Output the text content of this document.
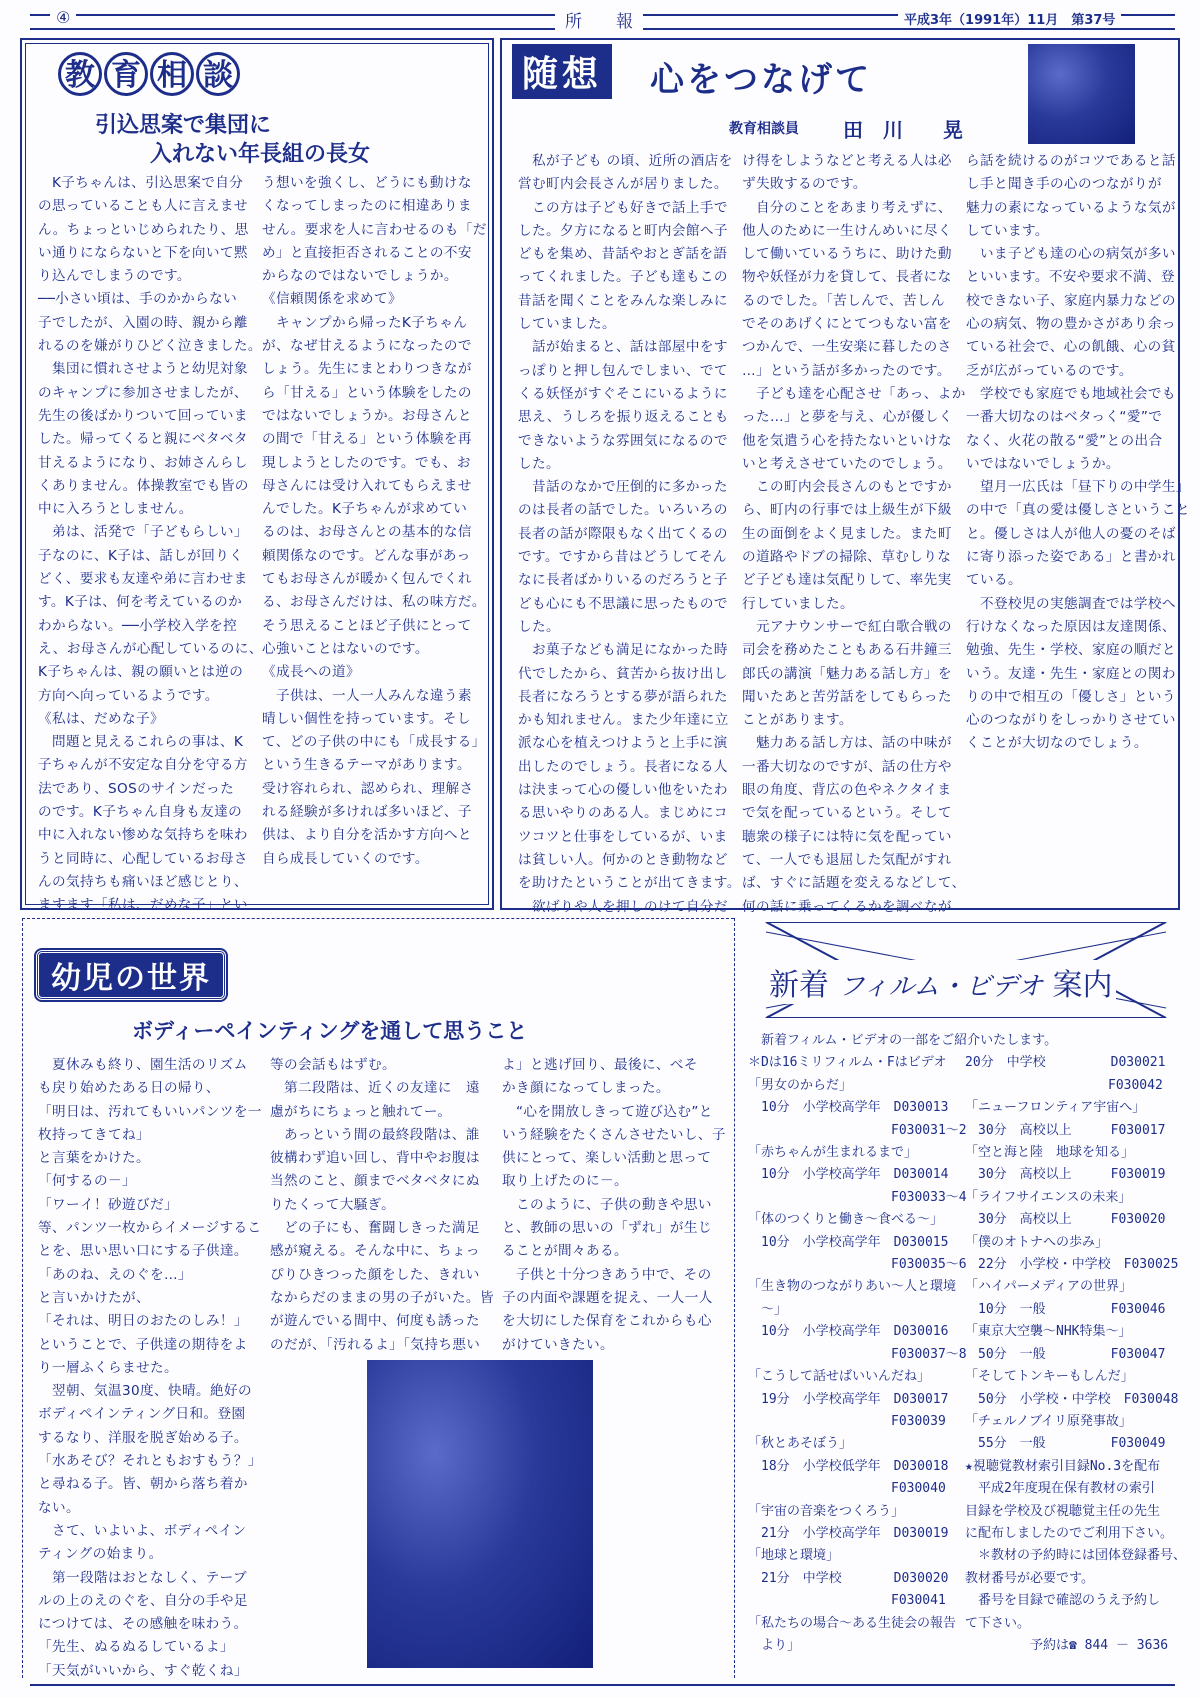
④	所　　報	平成3年（1991年）11月　第37号
教 育 相 談
引込思案で集団に
入れない年長組の長女
　K子ちゃんは、引込思案で自分
の思っていることも人に言えませ
ん。ちょっといじめられたり、思
い通りにならないと下を向いて黙
り込んでしまうのです。
──小さい頃は、手のかからない
子でしたが、入園の時、親から離
れるのを嫌がりひどく泣きました。
　集団に慣れさせようと幼児対象
のキャンプに参加させましたが、
先生の後ばかりついて回っていま
した。帰ってくると親にベタベタ
甘えるようになり、お姉さんらし
くありません。体操教室でも皆の
中に入ろうとしません。
　弟は、活発で「子どもらしい」
子なのに、K子は、話しが回りく
どく、要求も友達や弟に言わせま
す。K子は、何を考えているのか
わからない。──小学校入学を控
え、お母さんが心配しているのに、
K子ちゃんは、親の願いとは逆の
方向へ向っているようです。
《私は、だめな子》
　問題と見えるこれらの事は、K
子ちゃんが不安定な自分を守る方
法であり、SOSのサインだった
のです。K子ちゃん自身も友達の
中に入れない惨めな気持ちを味わ
うと同時に、心配しているお母さ
んの気持ちも痛いほど感じとり、
ますます「私は、だめな子」とい
う想いを強くし、どうにも動けな
くなってしまったのに相違ありま
せん。要求を人に言わせるのも「だ
め」と直接拒否されることの不安
からなのではないでしょうか。
《信頼関係を求めて》
　キャンプから帰ったK子ちゃん
が、なぜ甘えるようになったので
しょう。先生にまとわりつきなが
ら「甘える」という体験をしたの
ではないでしょうか。お母さんと
の間で「甘える」という体験を再
現しようとしたのです。でも、お
母さんには受け入れてもらえませ
んでした。K子ちゃんが求めてい
るのは、お母さんとの基本的な信
頼関係なのです。どんな事があっ
てもお母さんが暖かく包んでくれ
る、お母さんだけは、私の味方だ。
そう思えることほど子供にとって
心強いことはないのです。
《成長への道》
　子供は、一人一人みんな違う素
晴しい個性を持っています。そし
て、どの子供の中にも「成長する」
という生きるテーマがあります。
受け容れられ、認められ、理解さ
れる経験が多ければ多いほど、子
供は、より自分を活かす方向へと
自ら成長していくのです。
随想 心をつなげて
教育相談員 田　川　　晃
　私が子ども の頃、近所の酒店を
営む町内会長さんが居りました。
　この方は子ども好きで話上手で
した。夕方になると町内会館へ子
どもを集め、昔話やおとぎ話を語
ってくれました。子ども達もこの
昔話を聞くことをみんな楽しみに
していました。
　話が始まると、話は部屋中をす
っぽりと押し包んでしまい、でて
くる妖怪がすぐそこにいるように
思え、うしろを振り返えることも
できないような雰囲気になるので
した。
　昔話のなかで圧倒的に多かった
のは長者の話でした。いろいろの
長者の話が際限もなく出てくるの
です。ですから昔はどうしてそん
なに長者ばかりいるのだろうと子
ども心にも不思議に思ったもので
した。
　お菓子なども満足になかった時
代でしたから、貧苦から抜け出し
長者になろうとする夢が語られた
かも知れません。また少年達に立
派な心を植えつけようと上手に演
出したのでしょう。長者になる人
は決まって心の優しい他をいたわ
る思いやりのある人。まじめにコ
ツコツと仕事をしているが、いま
は貧しい人。何かのとき動物など
を助けたということが出てきます。
　欲ばりや人を押しのけて自分だ
け得をしようなどと考える人は必
ず失敗するのです。
　自分のことをあまり考えずに、
他人のために一生けんめいに尽く
して働いているうちに、助けた動
物や妖怪が力を貸して、長者にな
るのでした。「苦しんで、苦しん
でそのあげくにとてつもない富を
つかんで、一生安楽に暮したのさ
…」という話が多かったのです。
　子ども達を心配させ「あっ、よか
った…」と夢を与え、心が優しく
他を気遣う心を持たないといけな
いと考えさせていたのでしょう。
　この町内会長さんのもとですか
ら、町内の行事では上級生が下級
生の面倒をよく見ました。また町
の道路やドブの掃除、草むしりな
ど子ども達は気配りして、率先実
行していました。
　元アナウンサーで紅白歌合戦の
司会を務めたこともある石井鐘三
郎氏の講演「魅力ある話し方」を
聞いたあと苦労話をしてもらった
ことがあります。
　魅力ある話し方は、話の中味が
一番大切なのですが、話の仕方や
眼の角度、背広の色やネクタイま
で気を配っているという。そして
聴衆の様子には特に気を配ってい
て、一人でも退屈した気配がすれ
ば、すぐに話題を変えるなどして、
何の話に乗ってくるかを調べなが
ら話を続けるのがコツであると話
し手と聞き手の心のつながりが
魅力の素になっているような気が
しています。
　いま子ども達の心の病気が多い
といいます。不安や要求不満、登
校できない子、家庭内暴力などの
心の病気、物の豊かさがあり余っ
ている社会で、心の飢餓、心の貧
乏が広がっているのです。
　学校でも家庭でも地域社会でも
一番大切なのはベタっく“愛”で
なく、火花の散る“愛”との出合
いではないでしょうか。
　望月一広氏は「昼下りの中学生」
の中で「真の愛は優しさということ
と。優しさは人が他人の憂のそば
に寄り添った姿である」と書かれ
ている。
　不登校児の実態調査では学校へ
行けなくなった原因は友達関係、
勉強、先生・学校、家庭の順だと
いう。友達・先生・家庭との関わ
りの中で相互の「優しさ」という
心のつながりをしっかりさせてい
くことが大切なのでしょう。
幼児の世界
ボディーペインティングを通して思うこと
　夏休みも終り、園生活のリズム
も戻り始めたある日の帰り、
「明日は、汚れてもいいパンツを一
枚持ってきてね」
と言葉をかけた。
「何するの－」
「ワーイ！砂遊びだ」
等、パンツ一枚からイメージするこ
とを、思い思い口にする子供達。
「あのね、えのぐを…」
と言いかけたが、
「それは、明日のおたのしみ！」
ということで、子供達の期待をよ
り一層ふくらませた。
　翌朝、気温30度、快晴。絶好の
ボディペインティング日和。登園
するなり、洋服を脱ぎ始める子。
「水あそび？それともおすもう？」
と尋ねる子。皆、朝から落ち着か
ない。
　さて、いよいよ、ボディペイン
ティングの始まり。
　第一段階はおとなしく、テーブ
ルの上のえのぐを、自分の手や足
につけては、その感触を味わう。
「先生、ぬるぬるしているよ」
「天気がいいから、すぐ乾くね」
等の会話もはずむ。
　第二段階は、近くの友達に　遠
慮がちにちょっと触れてー。
　あっという間の最終段階は、誰
彼構わず追い回し、背中やお腹は
当然のこと、顔までベタベタにぬ
りたくって大騒ぎ。
　どの子にも、奮闘しきった満足
感が窺える。そんな中に、ちょっ
ぴりひきつった顔をした、きれい
なからだのままの男の子がいた。皆
が遊んでいる間中、何度も誘った
のだが、「汚れるよ」「気持ち悪い
よ」と逃げ回り、最後に、べそ
かき顔になってしまった。
　“心を開放しきって遊び込む”と
いう経験をたくさんさせたいし、子
供にとって、楽しい活動と思って
取り上げたのに－。
　このように、子供の動きや思い
と、教師の思いの「ずれ」が生じ
ることが間々ある。
　子供と十分つきあう中で、その
子の内面や課題を捉え、一人一人
を大切にした保育をこれからも心
がけていきたい。
新着 フィルム・ビデオ 案内
　新着フィルム・ビデオの一部をご紹介いたします。
＊Dは16ミリフィルム・Fはビデオ
「男女のからだ」
　10分　小学校高学年　D030013
　　　　　　　　　　　F030031～2
「赤ちゃんが生まれるまで」
　10分　小学校高学年　D030014
　　　　　　　　　　　F030033～4
「体のつくりと働き～食べる～」
　10分　小学校高学年　D030015
　　　　　　　　　　　F030035～6
「生き物のつながりあい～人と環境
　～」
　10分　小学校高学年　D030016
　　　　　　　　　　　F030037～8
「こうして話せばいいんだね」
　19分　小学校高学年　D030017
　　　　　　　　　　　F030039
「秋とあそぼう」
　18分　小学校低学年　D030018
　　　　　　　　　　　F030040
「宇宙の音楽をつくろう」
　21分　小学校高学年　D030019
「地球と環境」
　21分　中学校　　　　D030020
　　　　　　　　　　　F030041
「私たちの場合～ある生徒会の報告
　より」

20分　中学校　　　　　D030021
　　　　　　　　　　　F030042
「ニューフロンティア宇宙へ」
　30分　高校以上　　　F030017
「空と海と陸　地球を知る」
　30分　高校以上　　　F030019
「ライフサイエンスの未来」
　30分　高校以上　　　F030020
「僕のオトナへの歩み」
　22分　小学校・中学校　F030025
「ハイパーメディアの世界」
　10分　一般　　　　　F030046
「東京大空襲～NHK特集～」
　50分　一般　　　　　F030047
「そしてトンキーもしんだ」
　50分　小学校・中学校　F030048
「チェルノブイリ原発事故」
　55分　一般　　　　　F030049
★視聴覚教材索引目録No.3を配布
　平成2年度現在保有教材の索引
目録を学校及び視聴覚主任の先生
に配布しましたのでご利用下さい。
　＊教材の予約時には団体登録番号、
教材番号が必要です。
　番号を目録で確認のうえ予約し
て下さい。
　　　　　予約は☎ 844 － 3636
